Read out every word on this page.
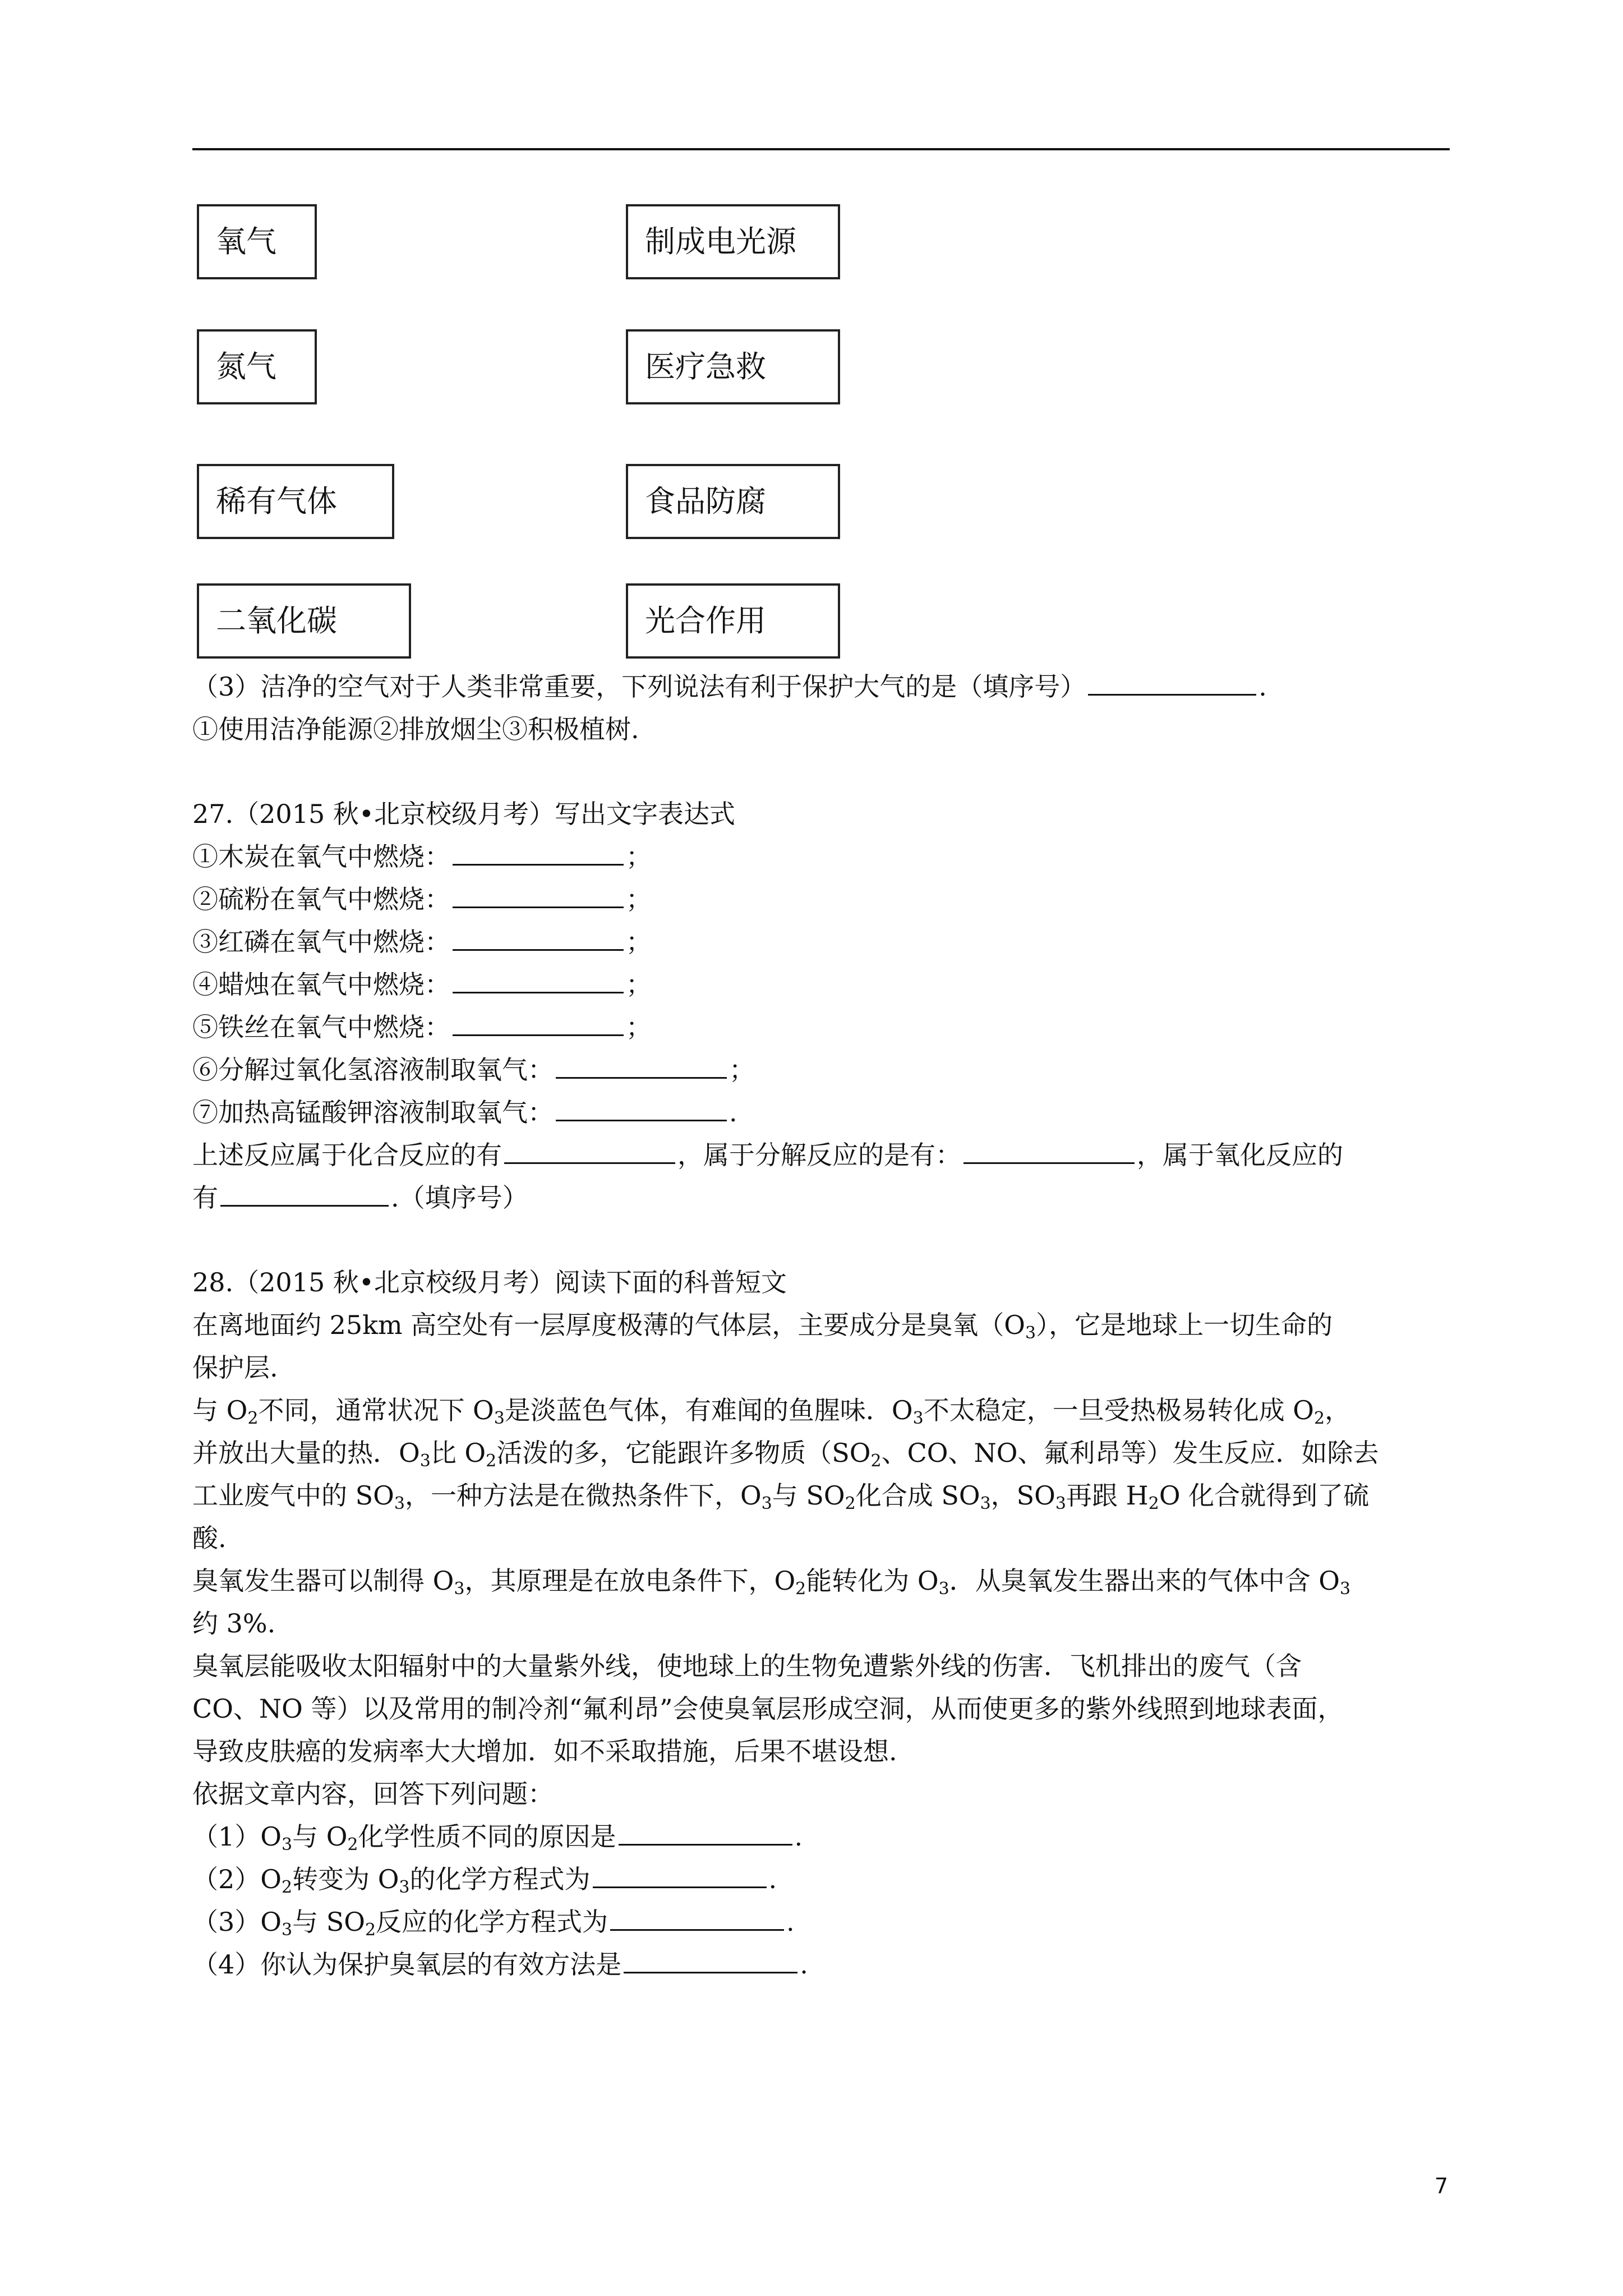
氧气
氮气
稀有气体
二氧化碳
制成电光源
医疗急救
食品防腐
光合作用
（3）洁净的空气对于人类非常重要，下列说法有利于保护大气的是（填序号）	.
①使用洁净能源②排放烟尘③积极植树.
27.（2015 秋•北京校级月考）写出文字表达式
①木炭在氧气中燃烧：	；
②硫粉在氧气中燃烧：	；
③红磷在氧气中燃烧：	；
④蜡烛在氧气中燃烧：	；
⑤铁丝在氧气中燃烧：	；
⑥分解过氧化氢溶液制取氧气：	；
⑦加热高锰酸钾溶液制取氧气：	.
上述反应属于化合反应的有	，属于分解反应的是有：	，属于氧化反应的
有	.（填序号）
28.（2015 秋•北京校级月考）阅读下面的科普短文
在离地面约 25km 高空处有一层厚度极薄的气体层，主要成分是臭氧$(O_3)$，它是地球上一切生命的
保护层.
与 $O_2$不同，通常状况下 $O_3$是淡蓝色气体，有难闻的鱼腥味．$O_3$不太稳定，一旦受热极易转化成 $O_2$，
并放出大量的热．$O_3$比 $O_2$活泼的多，它能跟许多物质（$SO_2$、CO、NO、氟利昂等）发生反应．如除去
工业废气中的 $SO_3$，一种方法是在微热条件下，$O_3$与 $SO_2$化合成 $SO_3$，$SO_3$再跟 $H_2O$ 化合就得到了硫
酸.
臭氧发生器可以制得 $O_3$，其原理是在放电条件下，$O_2$能转化为 $O_3$．从臭氧发生器出来的气体中含 $O_3$
约 3%.
臭氧层能吸收太阳辐射中的大量紫外线，使地球上的生物免遭紫外线的伤害．飞机排出的废气（含
CO、NO 等）以及常用的制冷剂“氟利昂”会使臭氧层形成空洞，从而使更多的紫外线照到地球表面，
导致皮肤癌的发病率大大增加．如不采取措施，后果不堪设想.
依据文章内容，回答下列问题：
$(1)O_3$与 $O_2$化学性质不同的原因是	.
$(2)O_2$转变为 $O_3$的化学方程式为	.
$(3)O_3$与 $SO_2$反应的化学方程式为	.
（4）你认为保护臭氧层的有效方法是	.
7
